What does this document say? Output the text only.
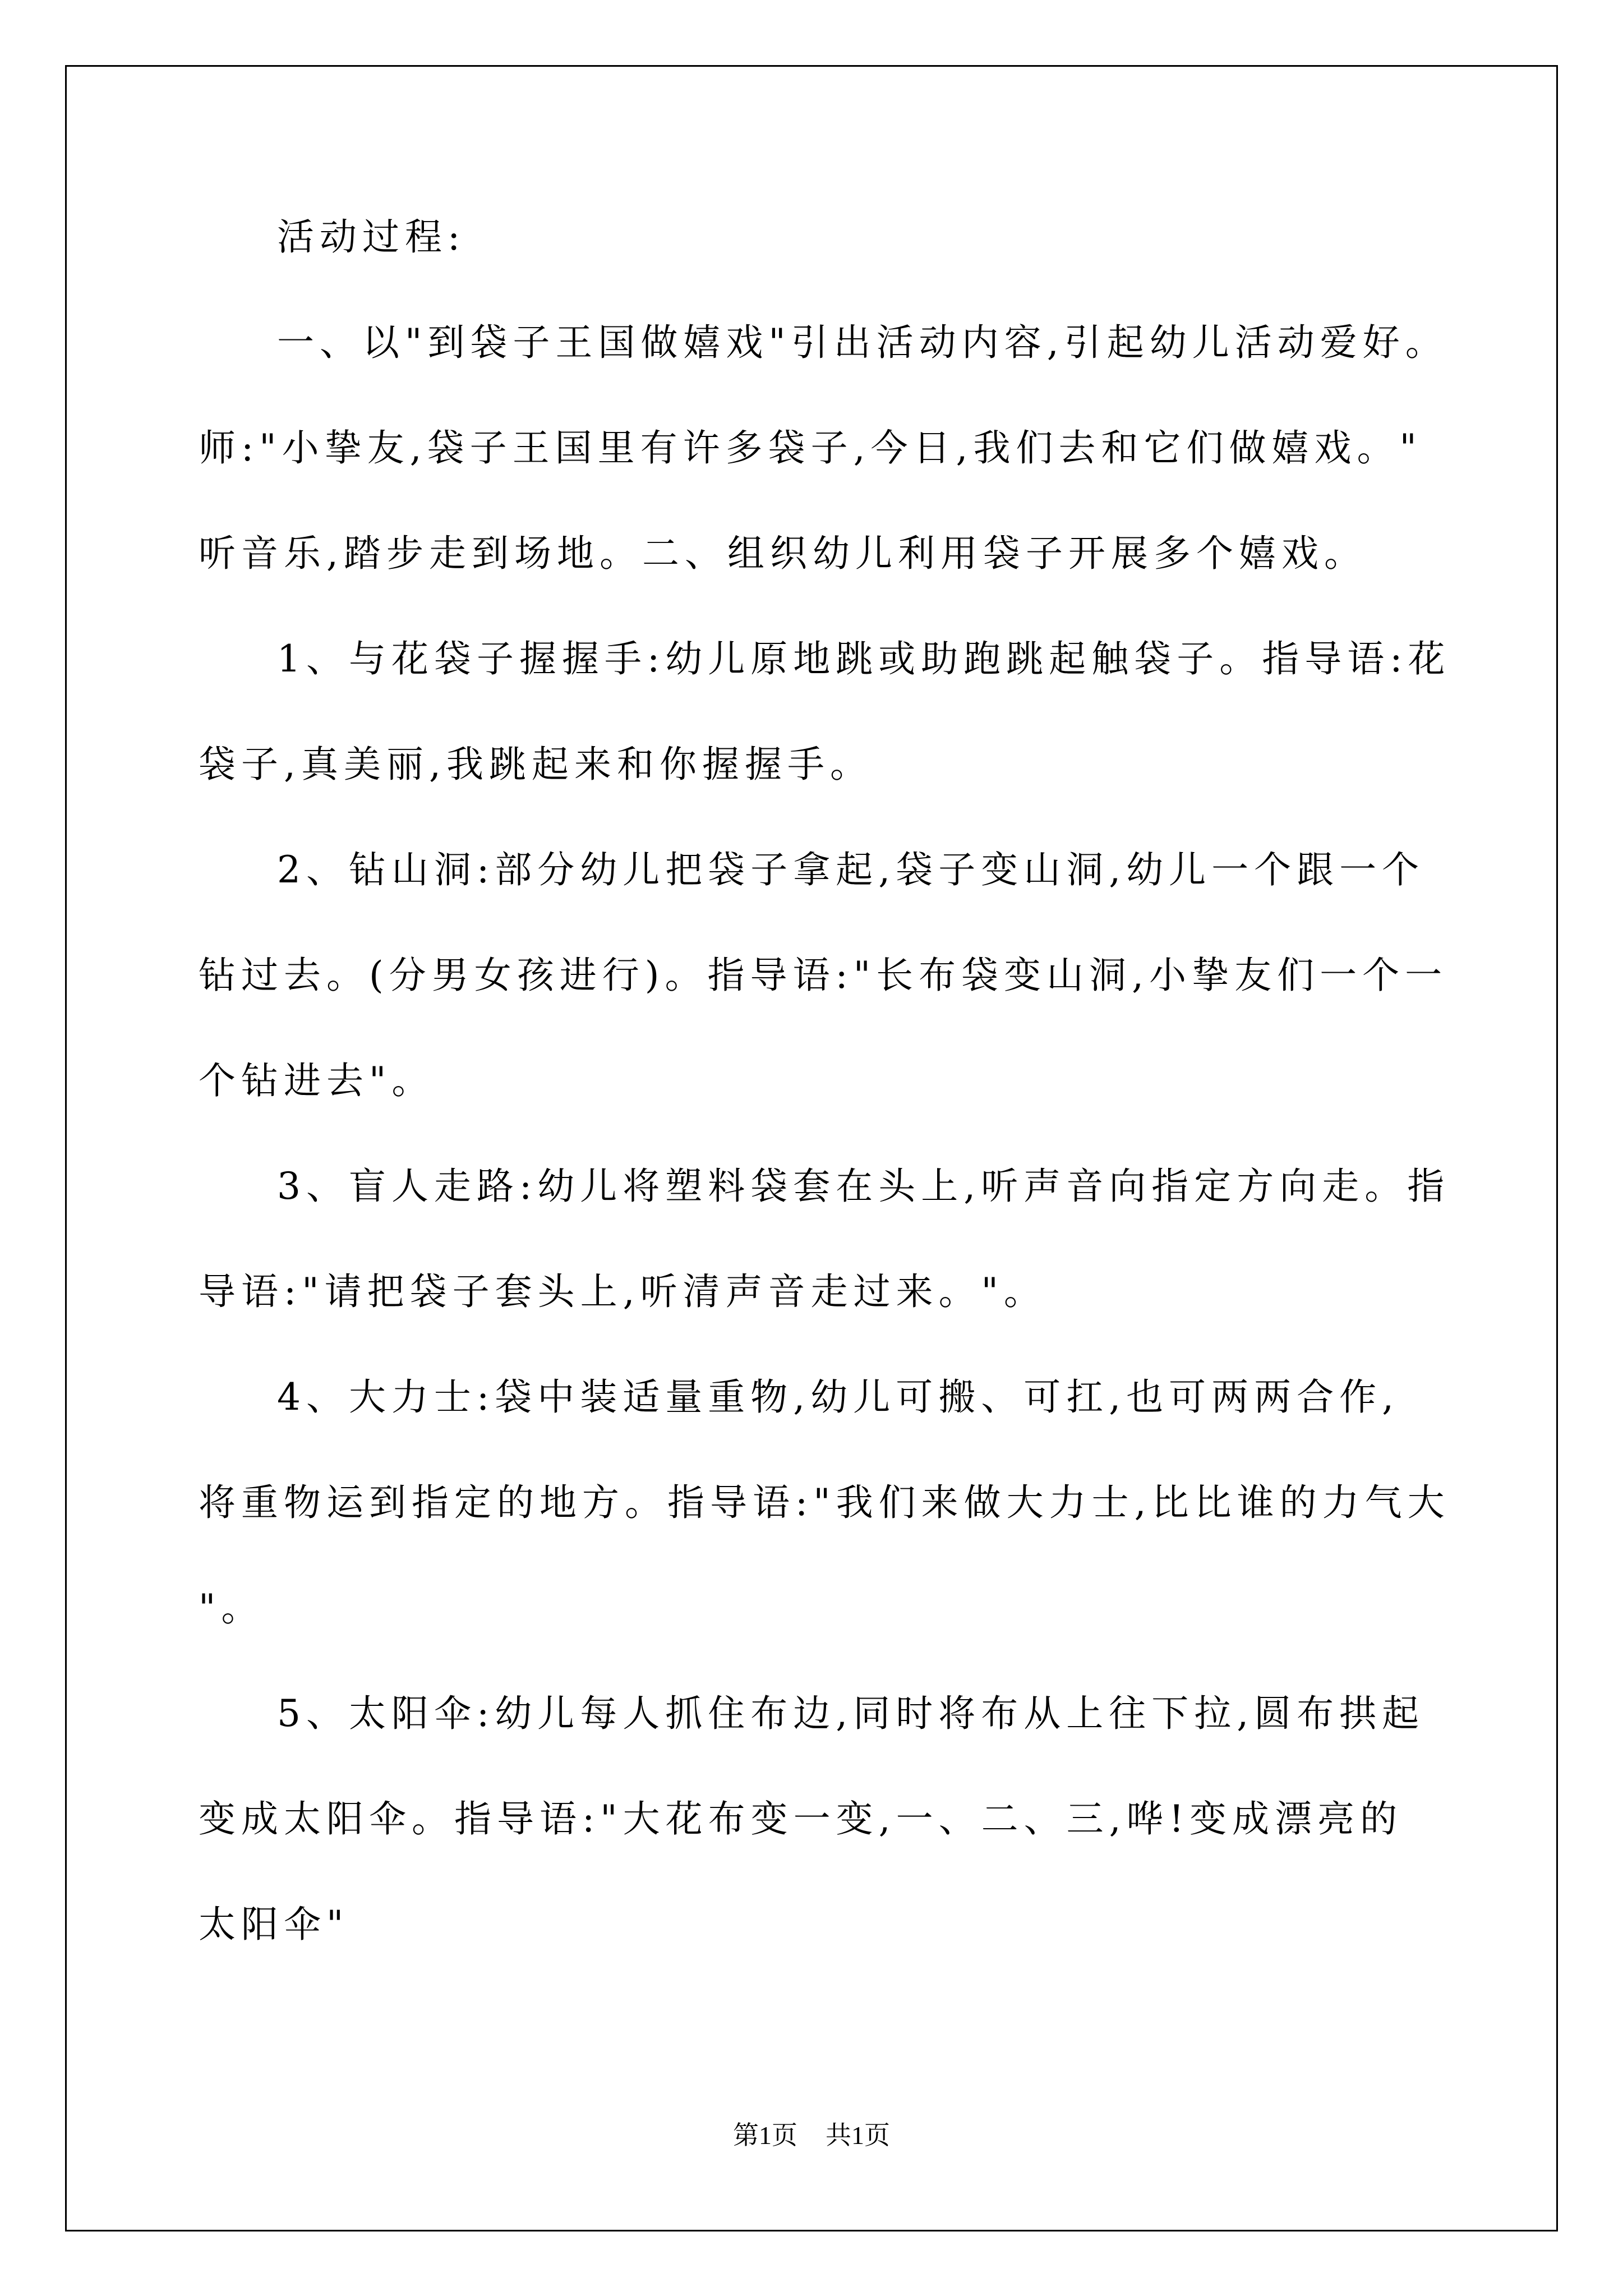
活动过程:
一、以"到袋子王国做嬉戏"引出活动内容,引起幼儿活动爱好。
师:"小挚友,袋子王国里有许多袋子,今日,我们去和它们做嬉戏。"
听音乐,踏步走到场地。二、组织幼儿利用袋子开展多个嬉戏。
1、与花袋子握握手:幼儿原地跳或助跑跳起触袋子。指导语:花
袋子,真美丽,我跳起来和你握握手。
2、钻山洞:部分幼儿把袋子拿起,袋子变山洞,幼儿一个跟一个
钻过去。(分男女孩进行)。指导语:"长布袋变山洞,小挚友们一个一
个钻进去"。
3、盲人走路:幼儿将塑料袋套在头上,听声音向指定方向走。指
导语:"请把袋子套头上,听清声音走过来。"。
4、大力士:袋中装适量重物,幼儿可搬、可扛,也可两两合作,
将重物运到指定的地方。指导语:"我们来做大力士,比比谁的力气大
"。
5、太阳伞:幼儿每人抓住布边,同时将布从上往下拉,圆布拱起
变成太阳伞。指导语:"大花布变一变,一、二、三,哗!变成漂亮的
太阳伞"
第1页 共1页
